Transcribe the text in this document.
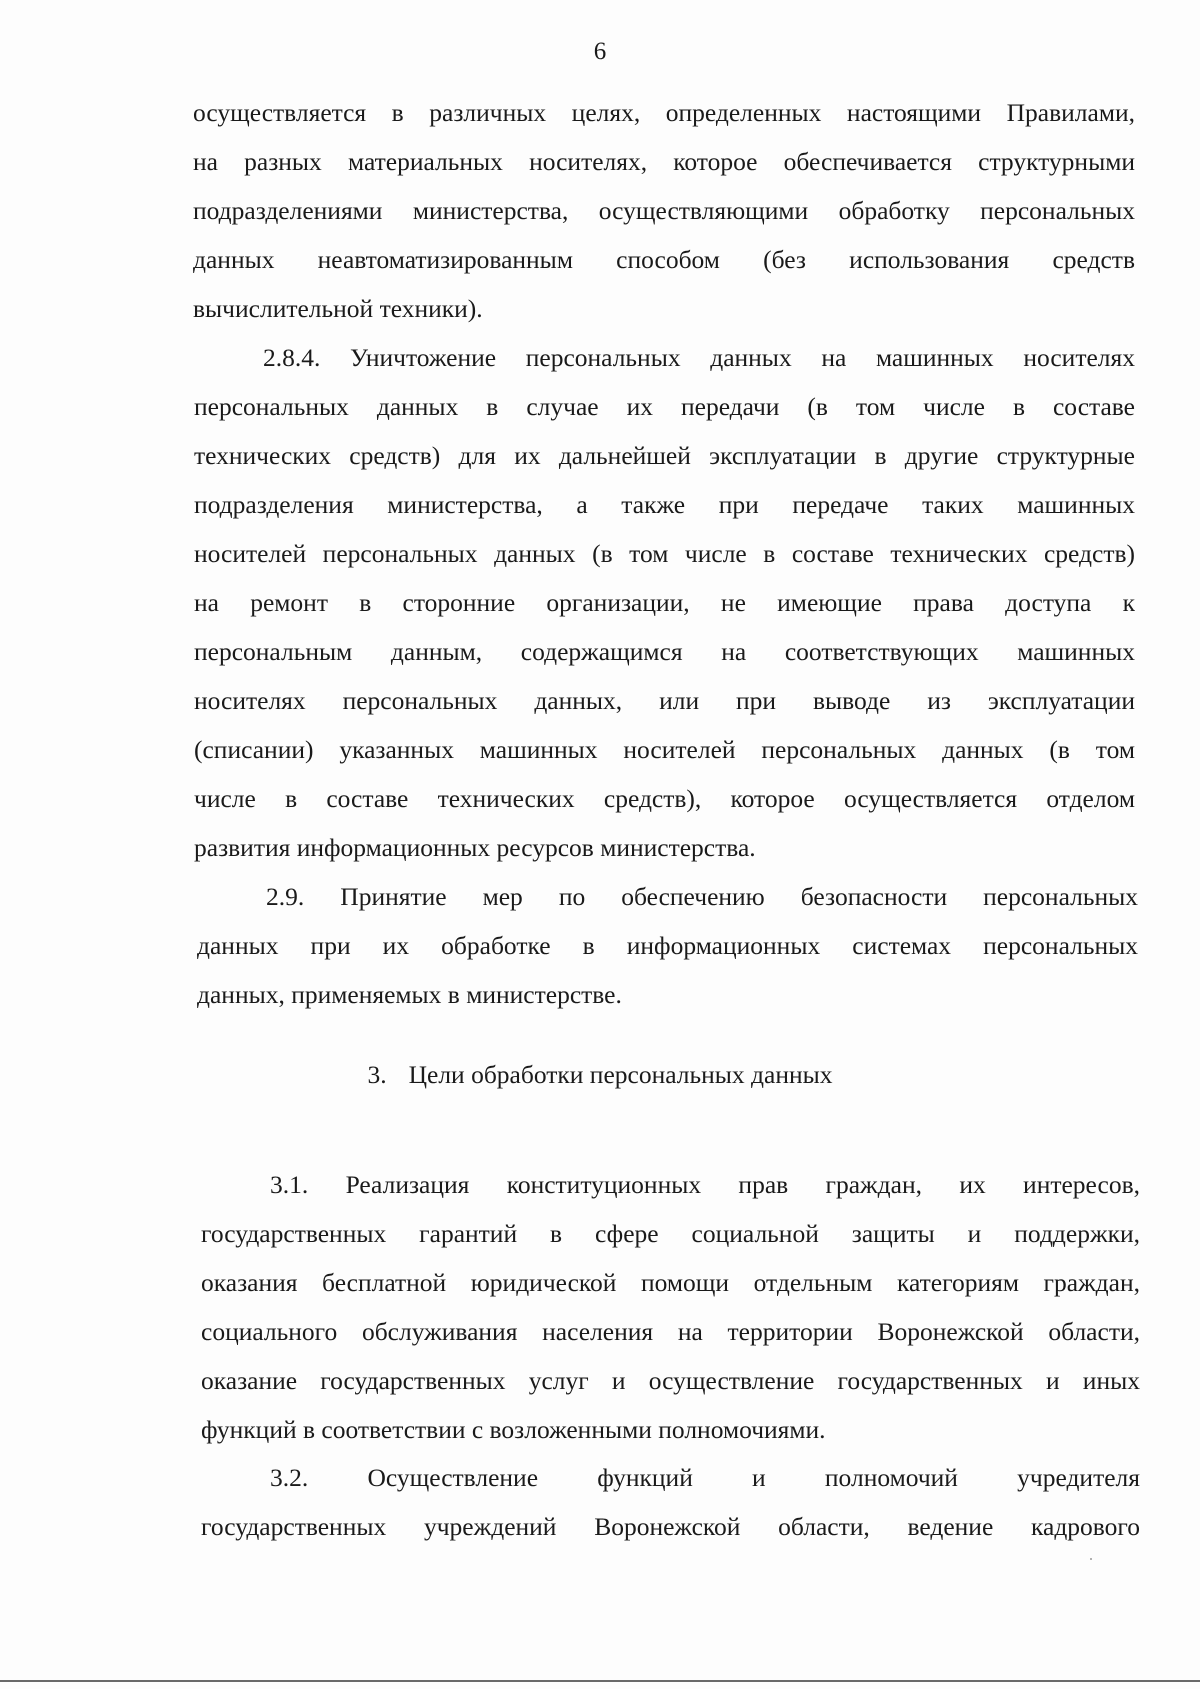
6
осуществляется в различных целях, определенных настоящими Правилами,
на разных материальных носителях, которое обеспечивается структурными
подразделениями министерства, осуществляющими обработку персональных
данных неавтоматизированным способом (без использования средств
вычислительной техники).
2.8.4. Уничтожение персональных данных на машинных носителях
персональных данных в случае их передачи (в том числе в составе
технических средств) для их дальнейшей эксплуатации в другие структурные
подразделения министерства, а также при передаче таких машинных
носителей персональных данных (в том числе в составе технических средств)
на ремонт в сторонние организации, не имеющие права доступа к
персональным данным, содержащимся на соответствующих машинных
носителях персональных данных, или при выводе из эксплуатации
(списании) указанных машинных носителей персональных данных (в том
числе в составе технических средств), которое осуществляется отделом
развития информационных ресурсов министерства.
2.9. Принятие мер по обеспечению безопасности персональных
данных при их обработке в информационных системах персональных
данных, применяемых в министерстве.
3. Цели обработки персональных данных
3.1. Реализация конституционных прав граждан, их интересов,
государственных гарантий в сфере социальной защиты и поддержки,
оказания бесплатной юридической помощи отдельным категориям граждан,
социального обслуживания населения на территории Воронежской области,
оказание государственных услуг и осуществление государственных и иных
функций в соответствии с возложенными полномочиями.
3.2. Осуществление функций и полномочий учредителя
государственных учреждений Воронежской области, ведение кадрового
